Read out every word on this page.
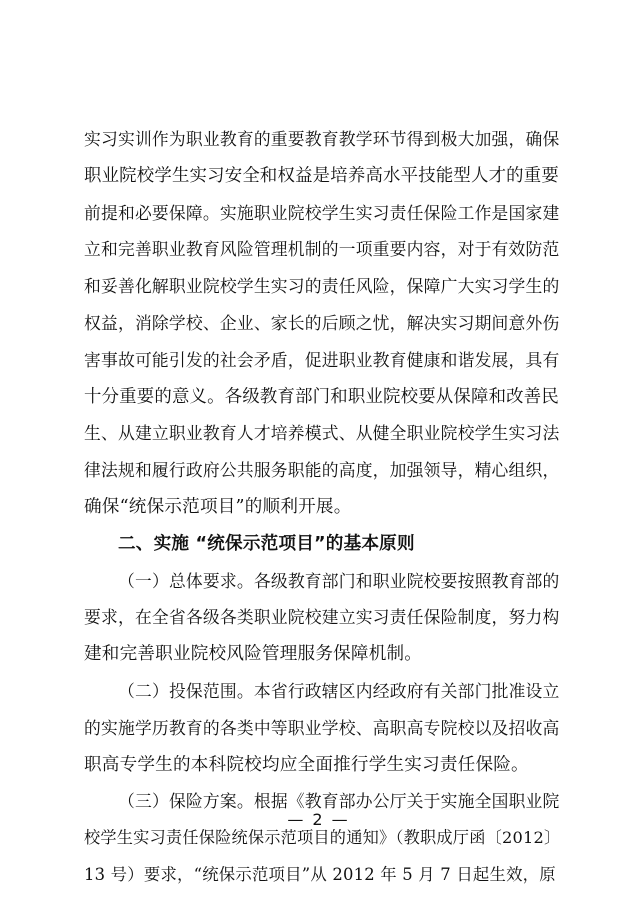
实习实训作为职业教育的重要教育教学环节得到极大加强，确保
职业院校学生实习安全和权益是培养高水平技能型人才的重要
前提和必要保障。实施职业院校学生实习责任保险工作是国家建
立和完善职业教育风险管理机制的一项重要内容，对于有效防范
和妥善化解职业院校学生实习的责任风险，保障广大实习学生的
权益，消除学校、企业、家长的后顾之忧，解决实习期间意外伤
害事故可能引发的社会矛盾，促进职业教育健康和谐发展，具有
十分重要的意义。各级教育部门和职业院校要从保障和改善民
生、从建立职业教育人才培养模式、从健全职业院校学生实习法
律法规和履行政府公共服务职能的高度，加强领导，精心组织，
确保“统保示范项目”的顺利开展。
二、实施 “统保示范项目”的基本原则
（一）总体要求。各级教育部门和职业院校要按照教育部的
要求，在全省各级各类职业院校建立实习责任保险制度，努力构
建和完善职业院校风险管理服务保障机制。
（二）投保范围。本省行政辖区内经政府有关部门批准设立
的实施学历教育的各类中等职业学校、高职高专院校以及招收高
职高专学生的本科院校均应全面推行学生实习责任保险。
（三）保险方案。根据《教育部办公厅关于实施全国职业院
校学生实习责任保险统保示范项目的通知》（教职成厅函〔2012〕
13 号）要求，“统保示范项目”从 2012 年 5 月 7 日起生效，原
— 2 —
